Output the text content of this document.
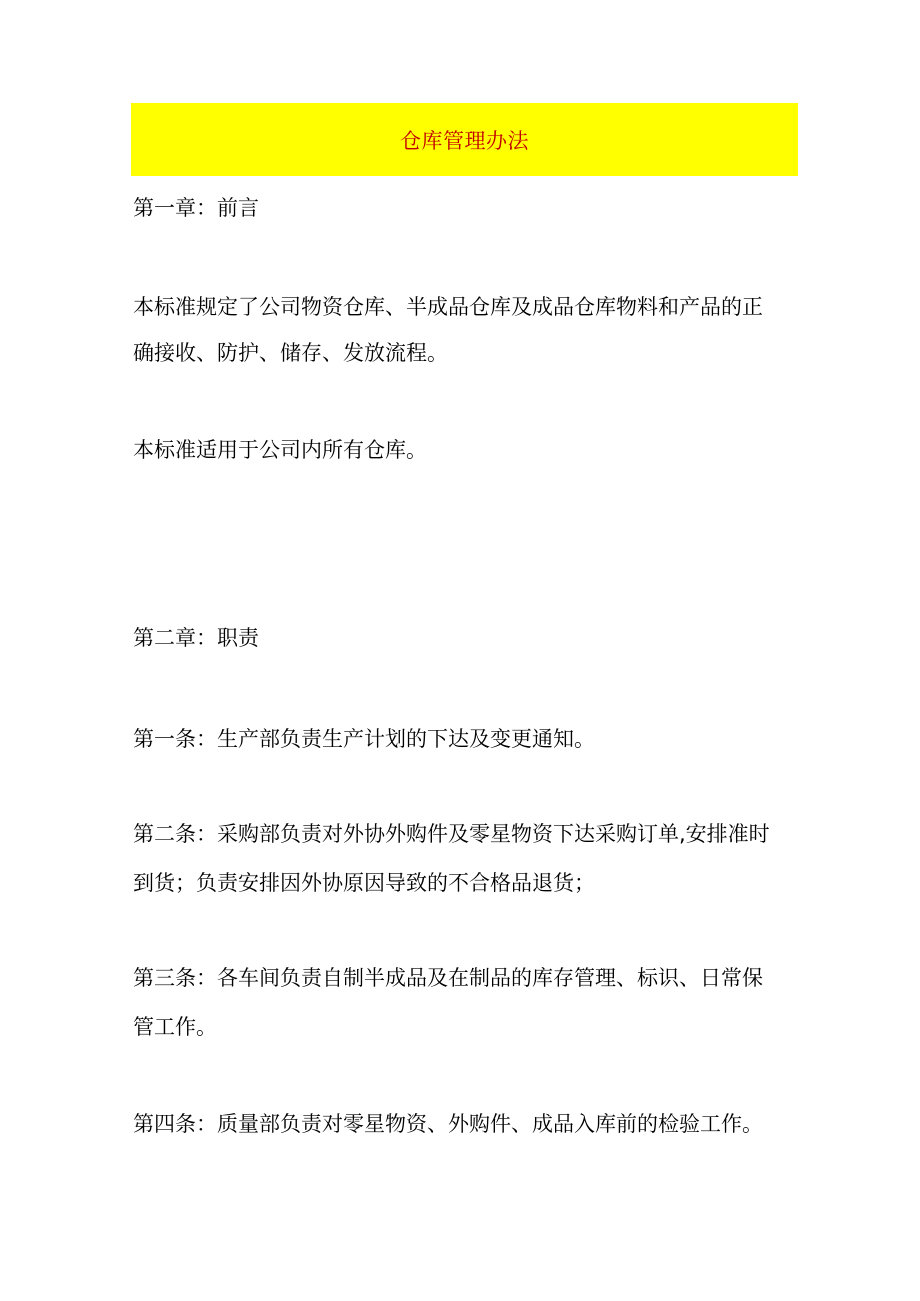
仓库管理办法

第一章：前言

本标准规定了公司物资仓库、半成品仓库及成品仓库物料和产品的正

确接收、防护、储存、发放流程。

本标准适用于公司内所有仓库。

第二章：职责

第一条：生产部负责生产计划的下达及变更通知。

第二条：采购部负责对外协外购件及零星物资下达采购订单,安排准时

到货；负责安排因外协原因导致的不合格品退货；

第三条：各车间负责自制半成品及在制品的库存管理、标识、日常保

管工作。

第四条：质量部负责对零星物资、外购件、成品入库前的检验工作。
